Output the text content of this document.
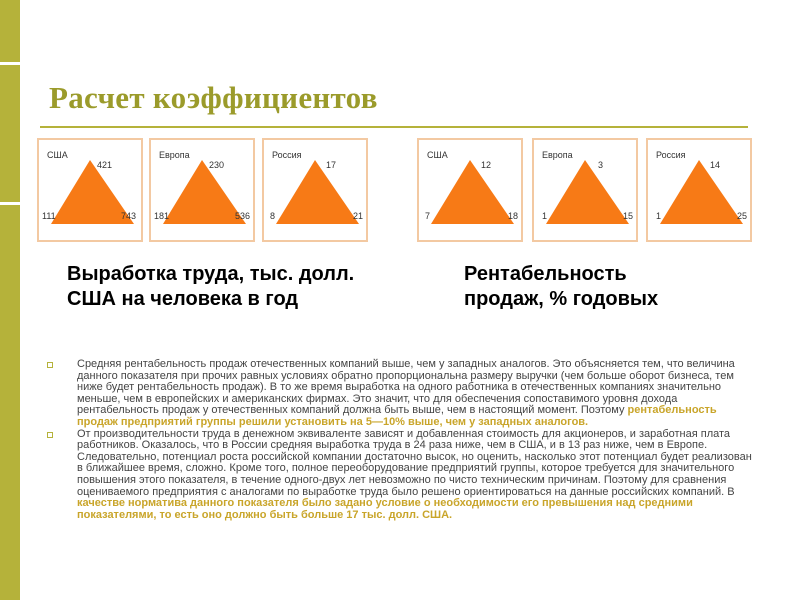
Расчет коэффициентов
США
421
111	743
Европа
230
181	536
Россия
17
8	21
США
12
7	18
Европа
3
1	15
Россия
14
1	25
Выработка труда, тыс. долл. США на человека в год
Рентабельность продаж, % годовых

Средняя рентабельность продаж отечественных компаний выше, чем у западных аналогов. Это объясняется тем, что величина данного показателя при прочих равных условиях обратно пропорциональна размеру выручки (чем больше оборот бизнеса, тем ниже будет рентабельность продаж). В то же время выработка на одного работника в отечественных компаниях значительно меньше, чем в европейских и американских фирмах. Это значит, что для обеспечения сопоставимого уровня дохода рентабельность продаж у отечественных компаний должна быть выше, чем в настоящий момент. Поэтому рентабельность продаж предприятий группы решили установить на 5—10% выше, чем у западных аналогов.

От производительности труда в денежном эквиваленте зависят и добавленная стоимость для акционеров, и заработная плата работников. Оказалось, что в России средняя выработка труда в 24 раза ниже, чем в США, и в 13 раз ниже, чем в Европе. Следовательно, потенциал роста российской компании достаточно высок, но оценить, насколько этот потенциал будет реализован в ближайшее время, сложно. Кроме того, полное переоборудование предприятий группы, которое требуется для значительного повышения этого показателя, в течение одного-двух лет невозможно по чисто техническим причинам. Поэтому для сравнения оцениваемого предприятия с аналогами по выработке труда было решено ориентироваться на данные российских компаний. В качестве норматива данного показателя было задано условие о необходимости его превышения над средними показателями, то есть оно должно быть больше 17 тыс. долл. США.
